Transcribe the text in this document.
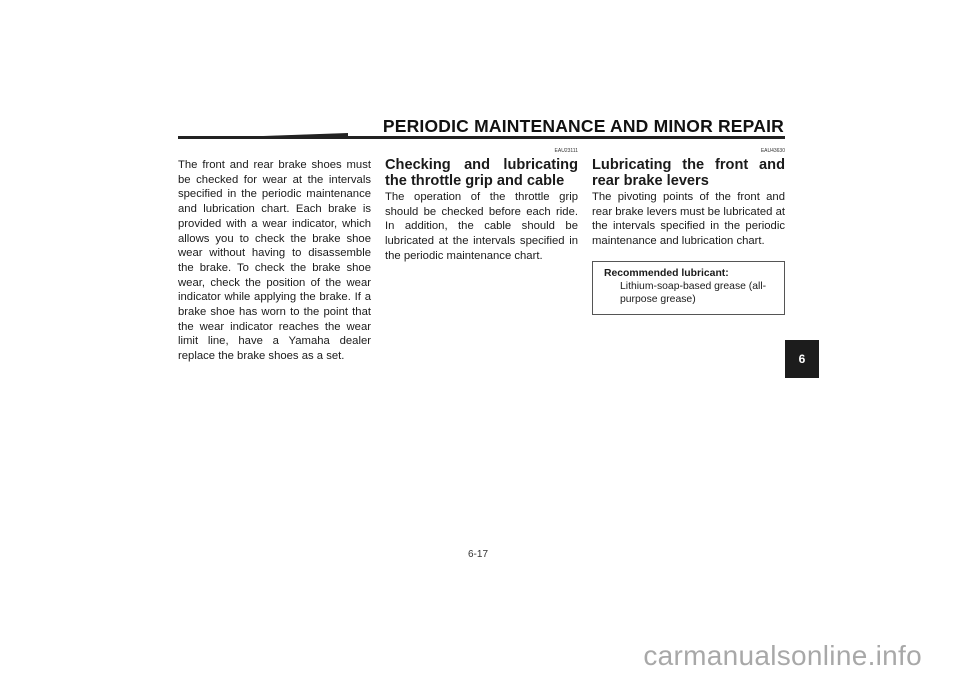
PERIODIC MAINTENANCE AND MINOR REPAIR

The front and rear brake shoes must be checked for wear at the intervals specified in the periodic maintenance and lubrication chart. Each brake is provided with a wear indicator, which allows you to check the brake shoe wear without having to disassemble the brake. To check the brake shoe wear, check the position of the wear indicator while applying the brake. If a brake shoe has worn to the point that the wear indicator reaches the wear limit line, have a Yamaha dealer replace the brake shoes as a set.

EAU23111
Checking and lubricating the throttle grip and cable

The operation of the throttle grip should be checked before each ride. In addition, the cable should be lubricated at the intervals specified in the periodic maintenance chart.

EAU43630
Lubricating the front and rear brake levers

The pivoting points of the front and rear brake levers must be lubricated at the intervals specified in the periodic maintenance and lubrication chart.

Recommended lubricant:
Lithium-soap-based grease (all-purpose grease)
6
6-17
carmanualsonline.info
